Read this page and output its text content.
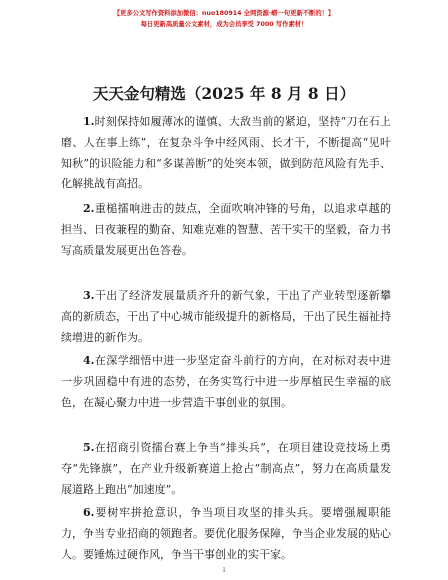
【更多公文写作资料添加微信：nuo180914 全网资源·崂一句更新不断的！】
每日更新高质量公文素材，成为会员享受 7000 写作素材！
天天金句精选（2025 年 8 月 8 日）

1.时刻保持如履薄冰的谨慎、大敌当前的紧迫，坚持“刀在石上磨、人在事上练”，在复杂斗争中经风雨、长才干，不断提高“见叶知秋”的识险能力和“多谋善断”的处突本领，做到防范风险有先手、化解挑战有高招。

2.重槌擂响进击的鼓点，全面吹响冲锋的号角，以追求卓越的担当、日夜兼程的勤奋、知难克难的智慧、苦干实干的坚毅，奋力书写高质量发展更出色答卷。

3.干出了经济发展量质齐升的新气象，干出了产业转型逐新攀高的新质态，干出了中心城市能级提升的新格局，干出了民生福祉持续增进的新作为。

4.在深学细悟中进一步坚定奋斗前行的方向，在对标对表中进一步巩固稳中有进的态势，在务实笃行中进一步厚植民生幸福的底色，在凝心聚力中进一步营造干事创业的氛围。

5.在招商引资擂台赛上争当“排头兵”，在项目建设竞技场上勇夺“先锋旗”，在产业升级新赛道上抢占“制高点”，努力在高质量发展道路上跑出“加速度”。

6.要树牢拼抢意识，争当项目攻坚的排头兵。要增强履职能力，争当专业招商的领跑者。要优化服务保障，争当企业发展的贴心人。要锤炼过硬作风，争当干事创业的实干家。

1
